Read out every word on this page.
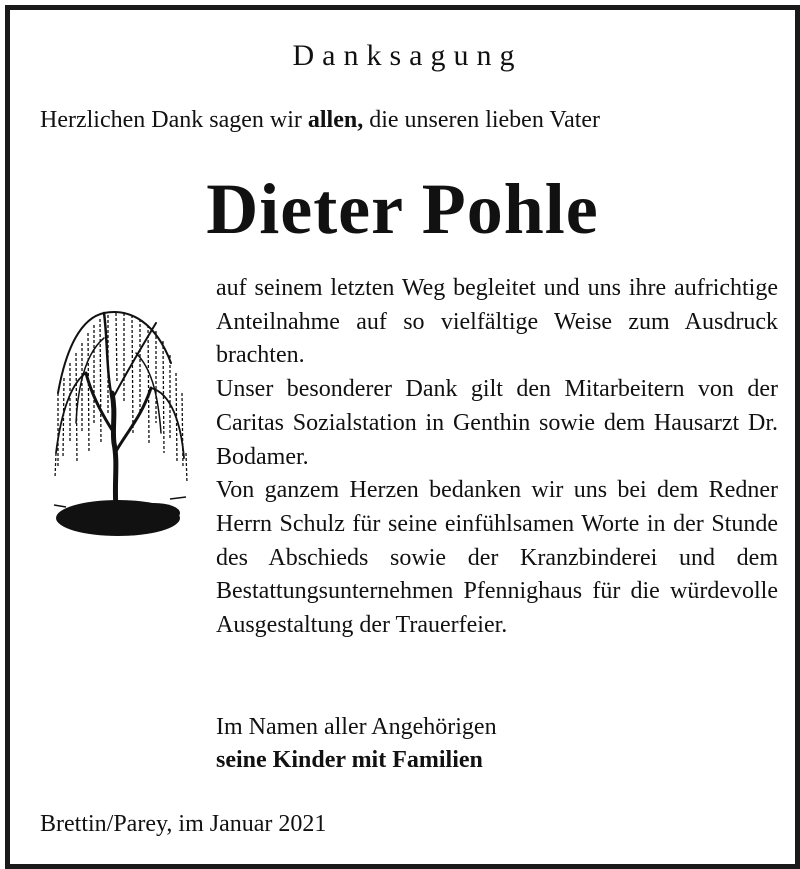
Danksagung
Herzlichen Dank sagen wir allen, die unseren lieben Vater
Dieter Pohle

auf seinem letzten Weg begleitet und uns ihre aufrichtige Anteilnahme auf so vielfältige Weise zum Ausdruck brachten.

Unser besonderer Dank gilt den Mitarbeitern von der Caritas Sozialstation in Genthin sowie dem Hausarzt Dr. Bodamer.

Von ganzem Herzen bedanken wir uns bei dem Redner Herrn Schulz für seine einfühlsamen Worte in der Stunde des Abschieds sowie der Kranzbinderei und dem Bestattungsunternehmen Pfennighaus für die würdevolle Ausgestaltung der Trauerfeier.

Im Namen aller Angehörigen
seine Kinder mit Familien
Brettin/Parey, im Januar 2021
